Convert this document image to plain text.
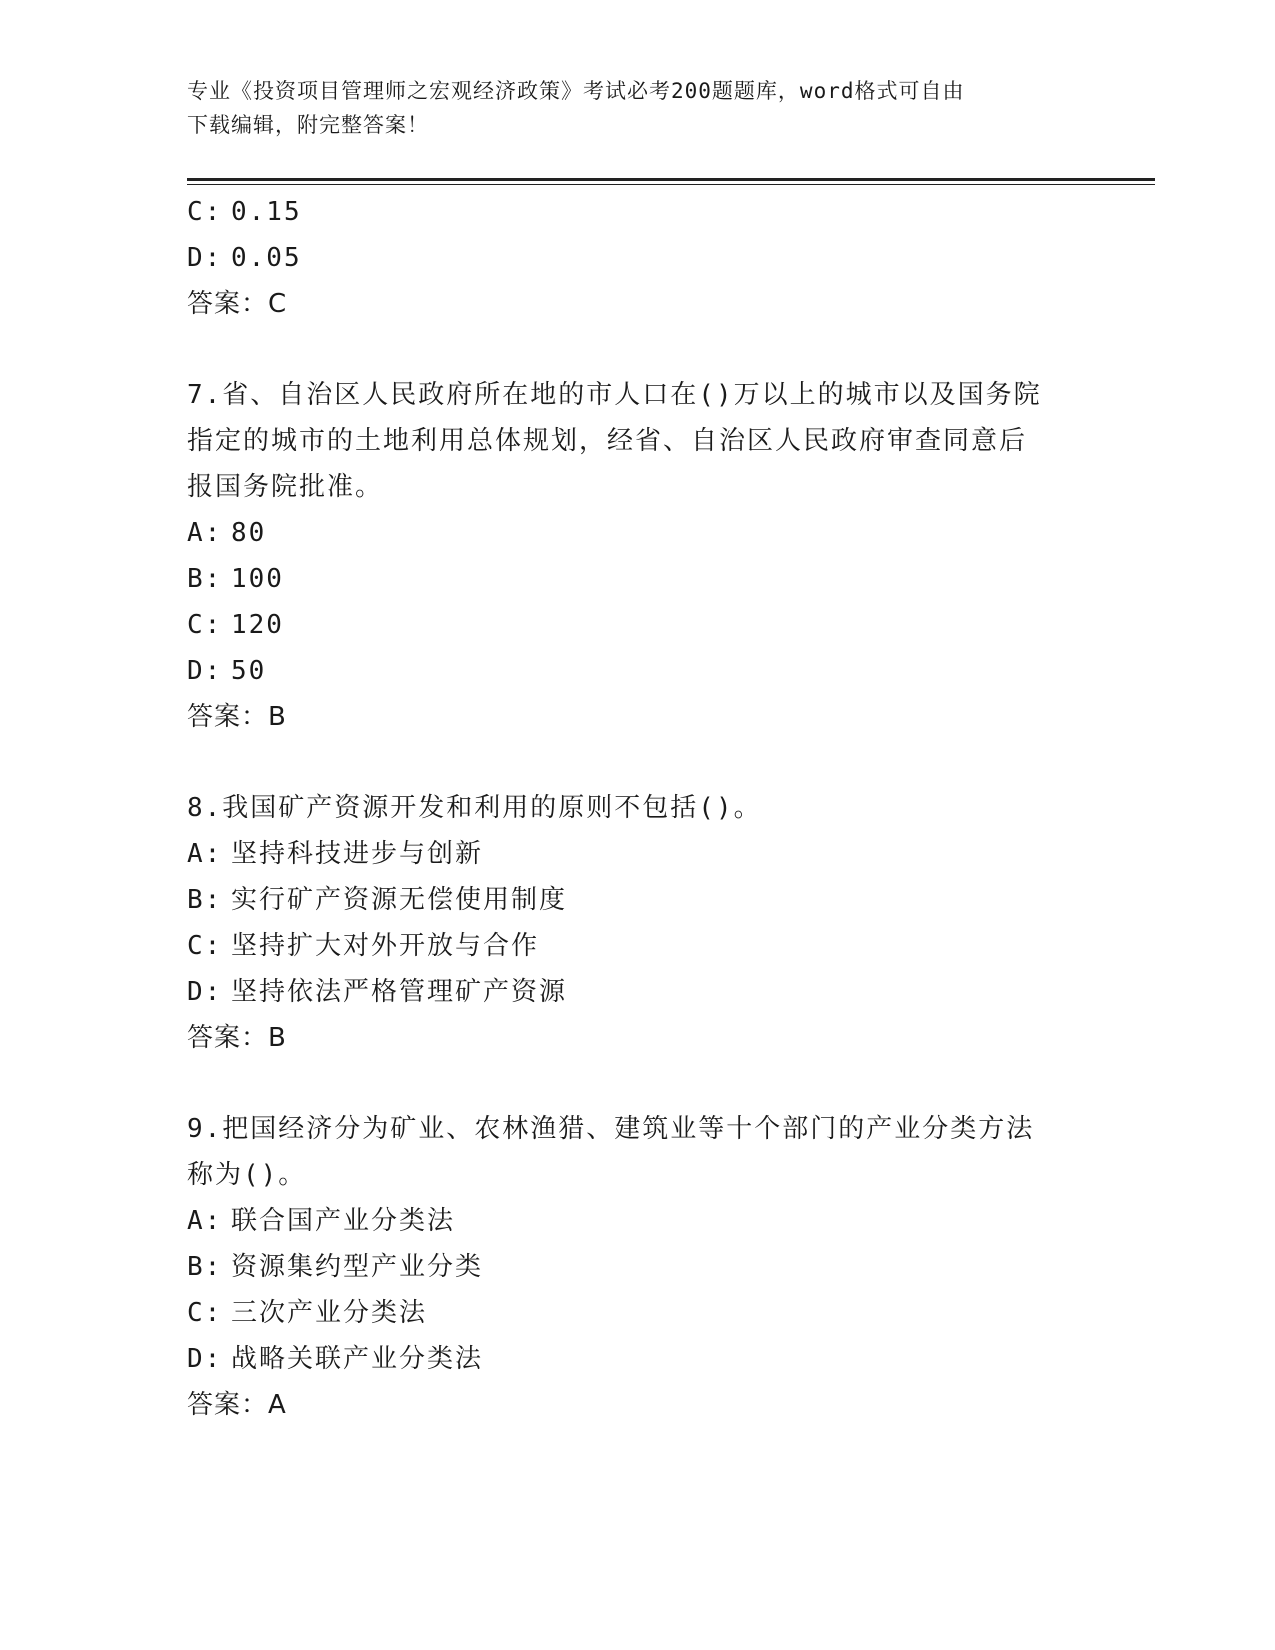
专业《投资项目管理师之宏观经济政策》考试必考200题题库，word格式可自由
下载编辑，附完整答案！
C: 0.15
D: 0.05
答案：C
7.省、自治区人民政府所在地的市人口在()万以上的城市以及国务院
指定的城市的土地利用总体规划，经省、自治区人民政府审查同意后
报国务院批准。
A: 80
B: 100
C: 120
D: 50
答案：B
8.我国矿产资源开发和利用的原则不包括()。
A: 坚持科技进步与创新
B: 实行矿产资源无偿使用制度
C: 坚持扩大对外开放与合作
D: 坚持依法严格管理矿产资源
答案：B
9.把国经济分为矿业、农林渔猎、建筑业等十个部门的产业分类方法
称为()。
A: 联合国产业分类法
B: 资源集约型产业分类
C: 三次产业分类法
D: 战略关联产业分类法
答案：A
